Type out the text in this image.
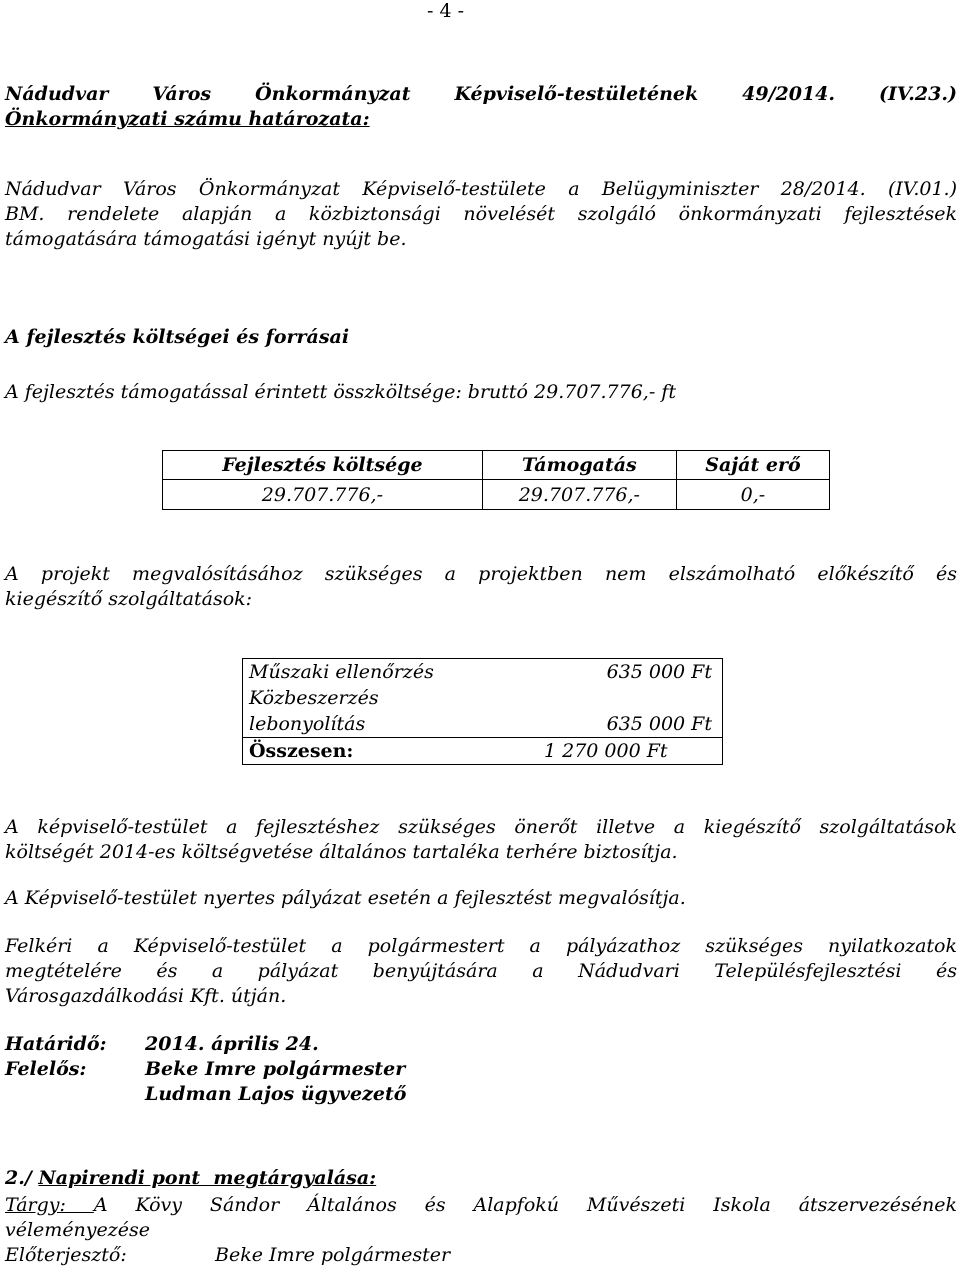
- 4 -
Nádudvar Város Önkormányzat Képviselő-testületének 49/2014. (IV.23.)
Önkormányzati számu határozata:
Nádudvar Város Önkormányzat Képviselő-testülete a Belügyminiszter 28/2014. (IV.01.)
BM. rendelete alapján a közbiztonsági növelését szolgáló önkormányzati fejlesztések
támogatására támogatási igényt nyújt be.
A fejlesztés költségei és forrásai
A fejlesztés támogatással érintett összköltsége: bruttó 29.707.776,- ft
Fejlesztés költsége	Támogatás	Saját erő
29.707.776,-	29.707.776,-	0,-
A projekt megvalósításához szükséges a projektben nem elszámolható előkészítő és
kiegészítő szolgáltatások:
Műszaki ellenőrzés	635 000 Ft
Közbeszerzés
lebonyolítás	635 000 Ft
Összesen:	1 270 000 Ft
A képviselő-testület a fejlesztéshez szükséges önerőt illetve a kiegészítő szolgáltatások
költségét 2014-es költségvetése általános tartaléka terhére biztosítja.
A Képviselő-testület nyertes pályázat esetén a fejlesztést megvalósítja.
Felkéri a Képviselő-testület a polgármestert a pályázathoz szükséges nyilatkozatok
megtételére és a pályázat benyújtására a Nádudvari Településfejlesztési és
Városgazdálkodási Kft. útján.
Határidő: 2014. április 24.
Felelős:	Beke Imre polgármester
Ludman Lajos ügyvezető
2./ Napirendi pont  megtárgyalása:
Tárgy: A Kövy Sándor Általános és Alapfokú Művészeti Iskola átszervezésének
véleményezése
Előterjesztő:	Beke Imre polgármester
